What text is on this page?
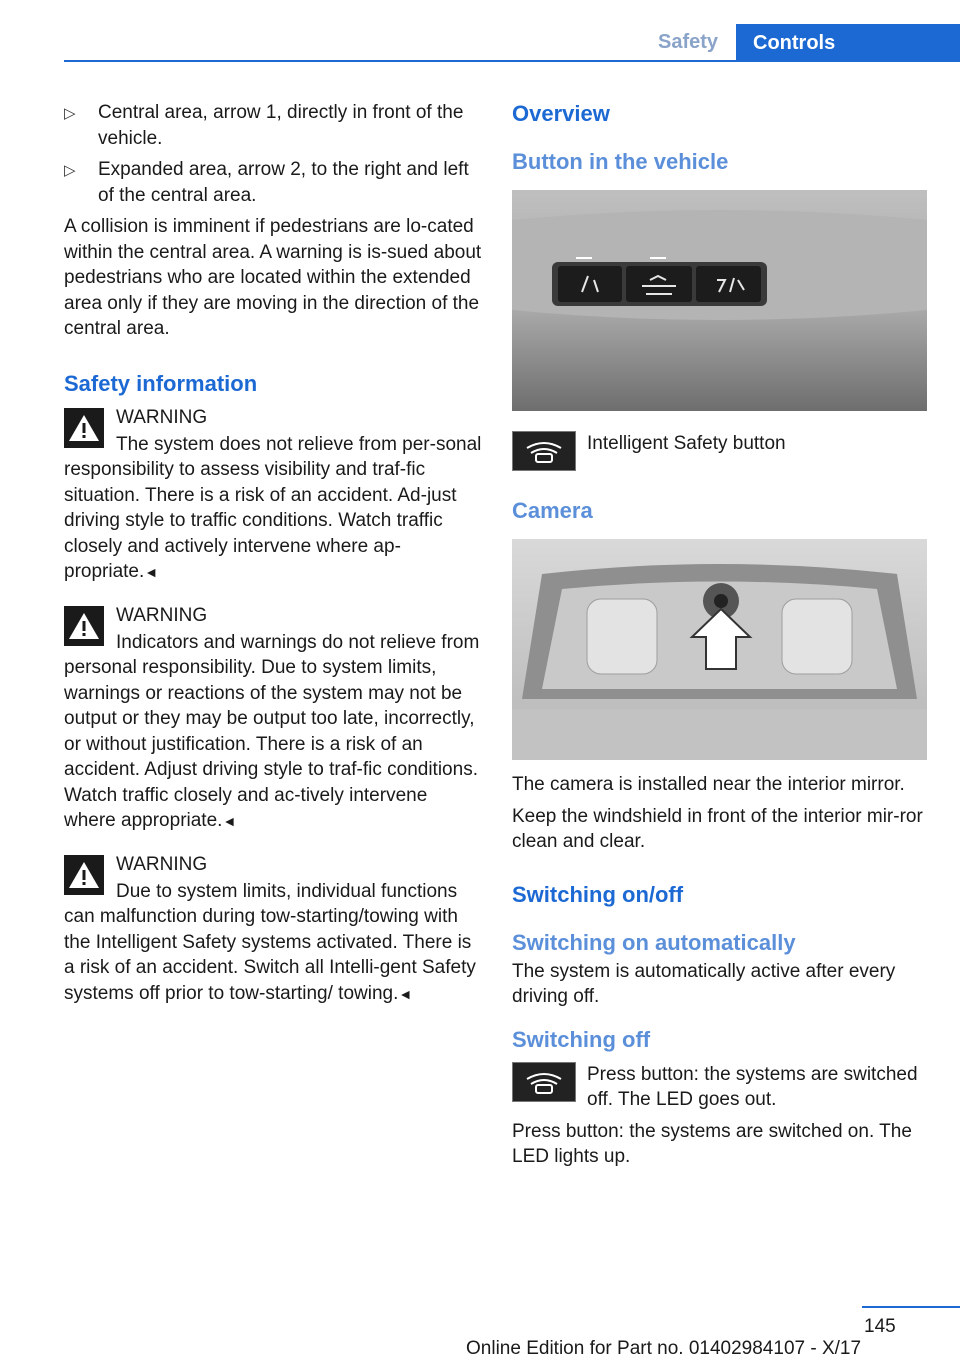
Safety	Controls
▷	Central area, arrow 1, directly in front of the vehicle.
▷	Expanded area, arrow 2, to the right and left of the central area.

A collision is imminent if pedestrians are lo-cated within the central area. A warning is is-sued about pedestrians who are located within the extended area only if they are moving in the direction of the central area.

Safety information
WARNING
The system does not relieve from per-sonal responsibility to assess visibility and traf-fic situation. There is a risk of an accident. Ad-just driving style to traffic conditions. Watch traffic closely and actively intervene where ap-propriate.◄
WARNING
Indicators and warnings do not relieve from personal responsibility. Due to system limits, warnings or reactions of the system may not be output or they may be output too late, incorrectly, or without justification. There is a risk of an accident. Adjust driving style to traf-fic conditions. Watch traffic closely and ac-tively intervene where appropriate.◄
WARNING
Due to system limits, individual functions can malfunction during tow-starting/towing with the Intelligent Safety systems activated. There is a risk of an accident. Switch all Intelli-gent Safety systems off prior to tow-starting/ towing.◄
Overview
Button in the vehicle
Intelligent Safety button
Camera

The camera is installed near the interior mirror.

Keep the windshield in front of the interior mir-ror clean and clear.

Switching on/off
Switching on automatically

The system is automatically active after every driving off.

Switching off
Press button: the systems are switched off. The LED goes out.

Press button: the systems are switched on. The LED lights up.

145
Online Edition for Part no. 01402984107 - X/17
